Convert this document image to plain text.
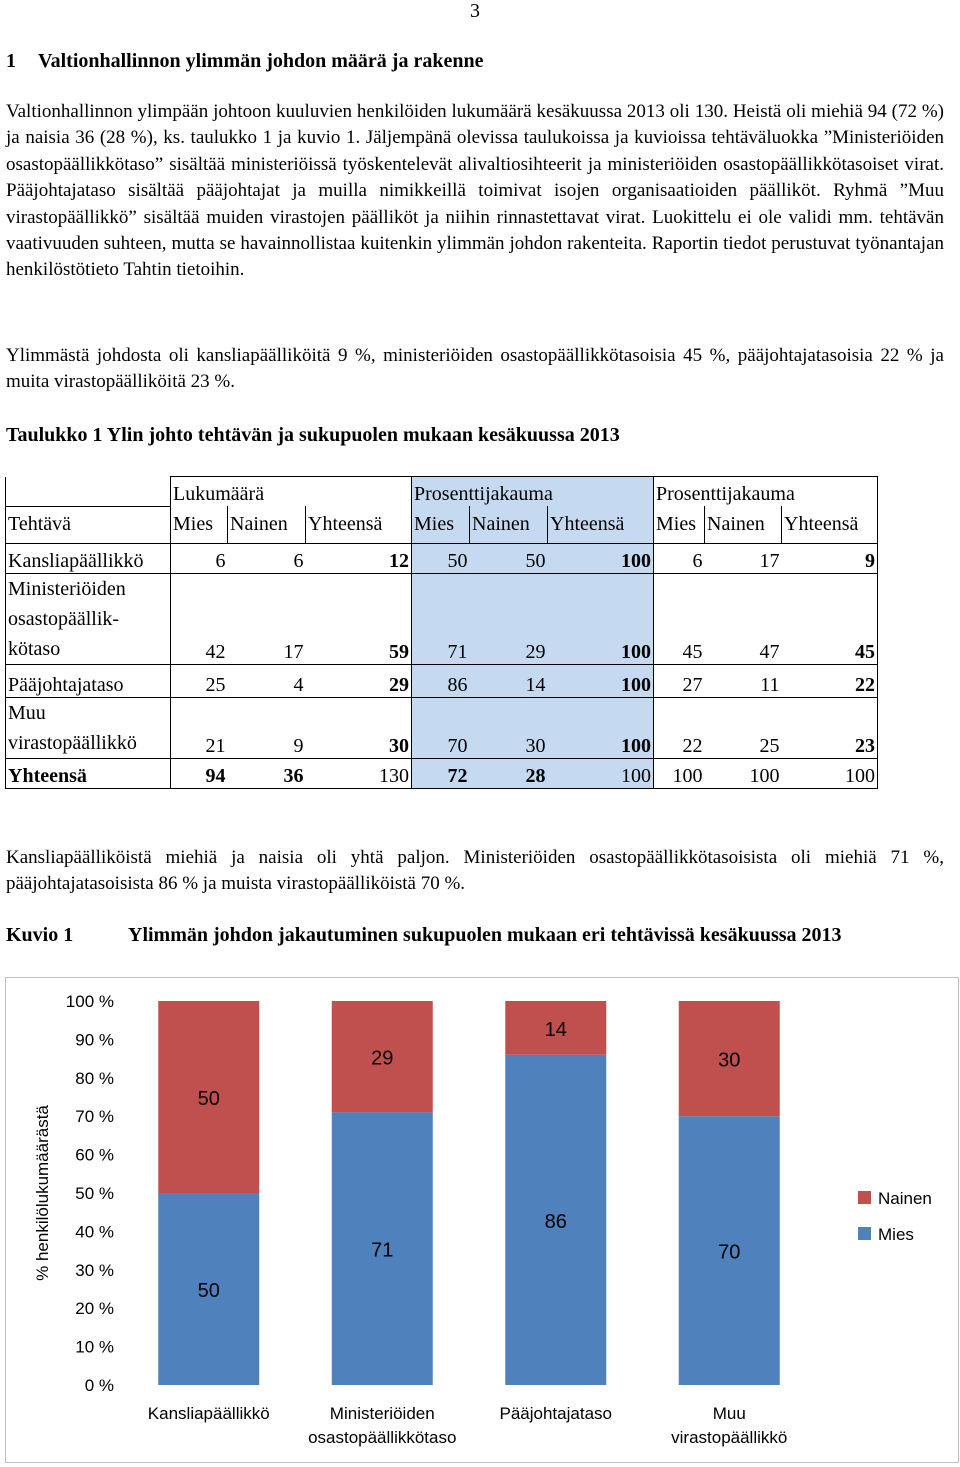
3
1 Valtionhallinnon ylimmän johdon määrä ja rakenne
Valtionhallinnon ylimpään johtoon kuuluvien henkilöiden lukumäärä kesäkuussa 2013 oli 130. Heistä oli miehiä 94 (72 %) ja naisia 36 (28 %), ks. taulukko 1 ja kuvio 1. Jäljempänä olevissa taulukoissa ja kuvioissa tehtäväluokka ”Ministeriöiden osastopäällikkötaso” sisältää ministeriöissä työskentelevät alivaltiosihteerit ja ministeriöiden osastopäällikkötasoiset virat. Pääjohtajataso sisältää pääjohtajat ja muilla nimikkeillä toimivat isojen organisaatioiden päälliköt. Ryhmä ”Muu virastopäällikkö” sisältää muiden virastojen päälliköt ja niihin rinnastettavat virat. Luokittelu ei ole validi mm. tehtävän vaativuuden suhteen, mutta se havainnollistaa kuitenkin ylimmän johdon rakenteita. Raportin tiedot perustuvat työnantajan henkilöstötieto Tahtin tietoihin.
Ylimmästä johdosta oli kansliapäälliköitä 9 %, ministeriöiden osastopäällikkötasoisia 45 %, pääjohtajatasoisia 22 % ja muita virastopäälliköitä 23 %.
Taulukko 1 Ylin johto tehtävän ja sukupuolen mukaan kesäkuussa 2013
	Lukumäärä			Prosenttijakauma			Prosenttijakauma		
Tehtävä	Mies	Nainen	Yhteensä	Mies	Nainen	Yhteensä	Mies	Nainen	Yhteensä

Kansliapäällikkö	6	6	12	50	50	100	6	17	9
Ministeriöiden
osastopäällik-
kötaso	42	17	59	71	29	100	45	47	45
Pääjohtajataso	25	4	29	86	14	100	27	11	22
Muu
virastopäällikkö	21	9	30	70	30	100	22	25	23
Yhteensä	94	36	130	72	28	100	100	100	100
Kansliapäälliköistä miehiä ja naisia oli yhtä paljon. Ministeriöiden osastopäällikkötasoisista oli miehiä 71 %, pääjohtajatasoisista 86 % ja muista virastopäälliköistä 70 %.
Kuvio 1	Ylimmän johdon jakautuminen sukupuolen mukaan eri tehtävissä kesäkuussa 2013
0 %
10 %
20 %
30 %
40 %
50 %
60 %
70 %
80 %
90 %
100 %
% henkilölukumäärästä
50
50
Kansliapäällikkö
71
29
Ministeriöiden
osastopäällikkötaso
86
14
Pääjohtajataso
70
30
Muu
virastopäällikkö
Nainen
Mies
